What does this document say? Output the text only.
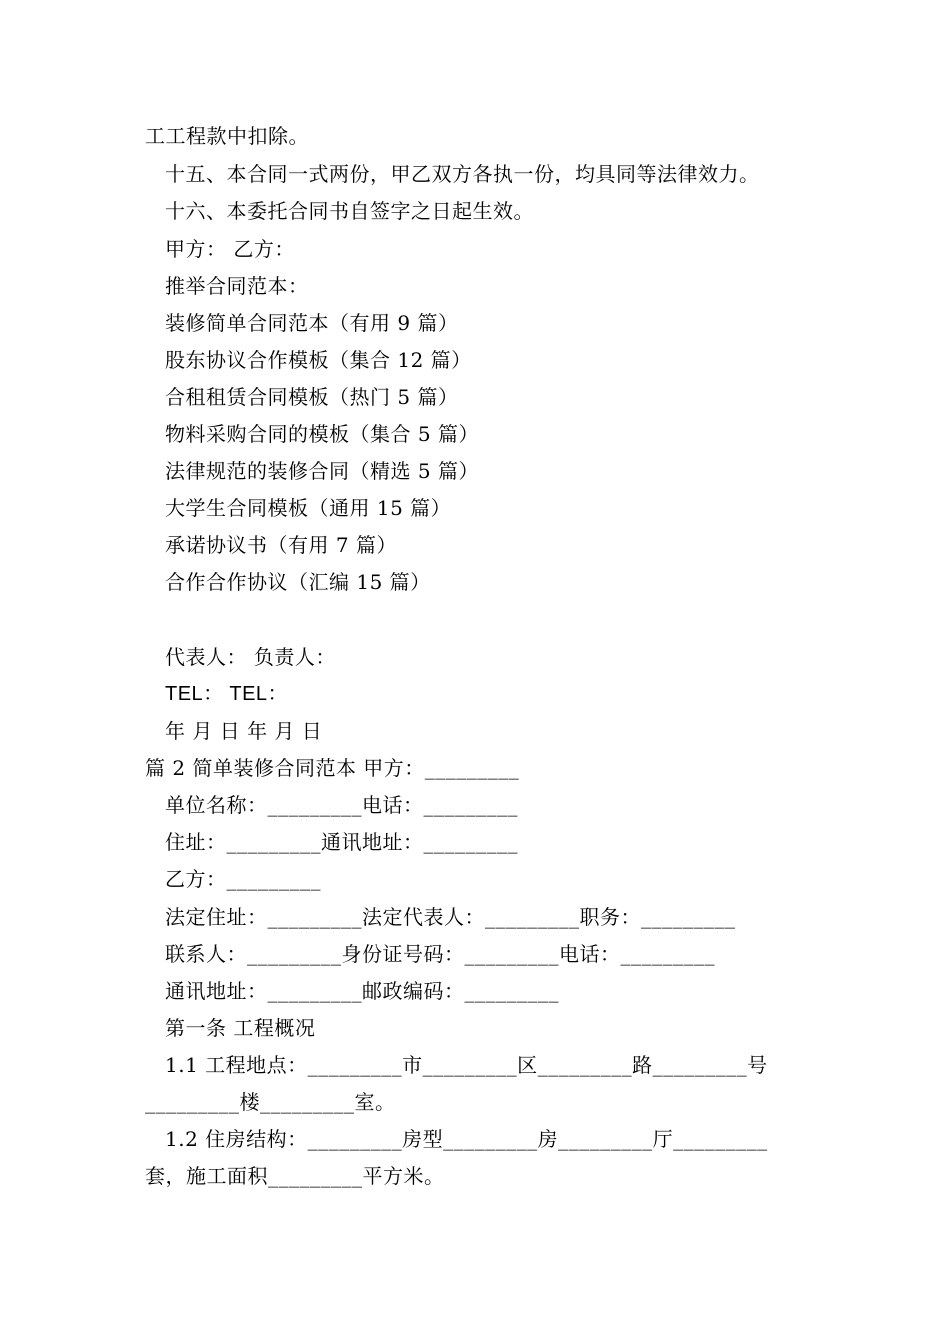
工工程款中扣除。
十五、本合同一式两份，甲乙双方各执一份，均具同等法律效力。
十六、本委托合同书自签字之日起生效。
甲方： 乙方：
推举合同范本：
装修简单合同范本（有用 9 篇）
股东协议合作模板（集合 12 篇）
合租租赁合同模板（热门 5 篇）
物料采购合同的模板（集合 5 篇）
法律规范的装修合同（精选 5 篇）
大学生合同模板（通用 15 篇）
承诺协议书（有用 7 篇）
合作合作协议（汇编 15 篇）
代表人： 负责人：
TEL： TEL：
年 月 日 年 月 日
篇 2 简单装修合同范本 甲方：_________
单位名称：_________电话：_________
住址：_________通讯地址：_________
乙方：_________
法定住址：_________法定代表人：_________职务：_________
联系人：_________身份证号码：_________电话：_________
通讯地址：_________邮政编码：_________
第一条 工程概况
1.1 工程地点：_________市_________区_________路_________号
_________楼_________室。
1.2 住房结构：_________房型_________房_________厅_________
套，施工面积_________平方米。
